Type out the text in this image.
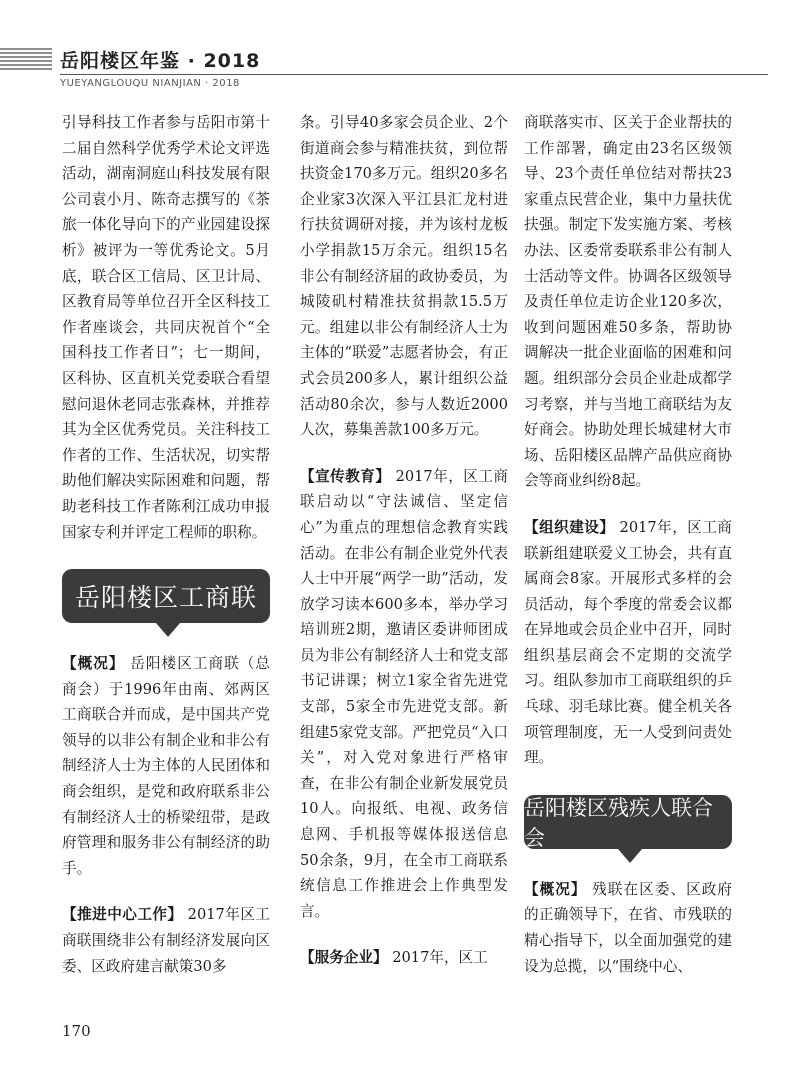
岳阳楼区年鉴 · 2018
YUEYANGLOUQU NIANJIAN · 2018

引导科技工作者参与岳阳市第十二届自然科学优秀学术论文评选活动，湖南洞庭山科技发展有限公司袁小月、陈奇志撰写的《茶旅一体化导向下的产业园建设探析》被评为一等优秀论文。5月底，联合区工信局、区卫计局、区教育局等单位召开全区科技工作者座谈会，共同庆祝首个“全国科技工作者日”；七一期间，区科协、区直机关党委联合看望慰问退休老同志张森林，并推荐其为全区优秀党员。关注科技工作者的工作、生活状况，切实帮助他们解决实际困难和问题，帮助老科技工作者陈利江成功申报国家专利并评定工程师的职称。

岳阳楼区工商联

【概况】 岳阳楼区工商联（总商会）于1996年由南、郊两区工商联合并而成，是中国共产党领导的以非公有制企业和非公有制经济人士为主体的人民团体和商会组织，是党和政府联系非公有制经济人士的桥梁纽带，是政府管理和服务非公有制经济的助手。

【推进中心工作】 2017年区工商联围绕非公有制经济发展向区委、区政府建言献策30多

条。引导40多家会员企业、2个街道商会参与精准扶贫，到位帮扶资金170多万元。组织20多名企业家3次深入平江县汇龙村进行扶贫调研对接，并为该村龙板小学捐款15万余元。组织15名非公有制经济届的政协委员，为城陵矶村精准扶贫捐款15.5万元。组建以非公有制经济人士为主体的“联爱”志愿者协会，有正式会员200多人，累计组织公益活动80余次，参与人数近2000人次，募集善款100多万元。

【宣传教育】 2017年，区工商联启动以“守法诚信、坚定信心”为重点的理想信念教育实践活动。在非公有制企业党外代表人士中开展“两学一助”活动，发放学习读本600多本，举办学习培训班2期，邀请区委讲师团成员为非公有制经济人士和党支部书记讲课；树立1家全省先进党支部，5家全市先进党支部。新组建5家党支部。严把党员“入口关”，对入党对象进行严格审查，在非公有制企业新发展党员10人。向报纸、电视、政务信息网、手机报等媒体报送信息50余条，9月，在全市工商联系统信息工作推进会上作典型发言。

【服务企业】 2017年，区工

商联落实市、区关于企业帮扶的工作部署，确定由23名区级领导、23个责任单位结对帮扶23家重点民营企业，集中力量扶优扶强。制定下发实施方案、考核办法、区委常委联系非公有制人士活动等文件。协调各区级领导及责任单位走访企业120多次，收到问题困难50多条，帮助协调解决一批企业面临的困难和问题。组织部分会员企业赴成都学习考察，并与当地工商联结为友好商会。协助处理长城建材大市场、岳阳楼区品牌产品供应商协会等商业纠纷8起。

【组织建设】 2017年，区工商联新组建联爱义工协会，共有直属商会8家。开展形式多样的会员活动，每个季度的常委会议都在异地或会员企业中召开，同时组织基层商会不定期的交流学习。组队参加市工商联组织的乒乓球、羽毛球比赛。健全机关各项管理制度，无一人受到问责处理。

岳阳楼区残疾人联合会

【概况】 残联在区委、区政府的正确领导下，在省、市残联的精心指导下，以全面加强党的建设为总揽，以“围绕中心、

170
